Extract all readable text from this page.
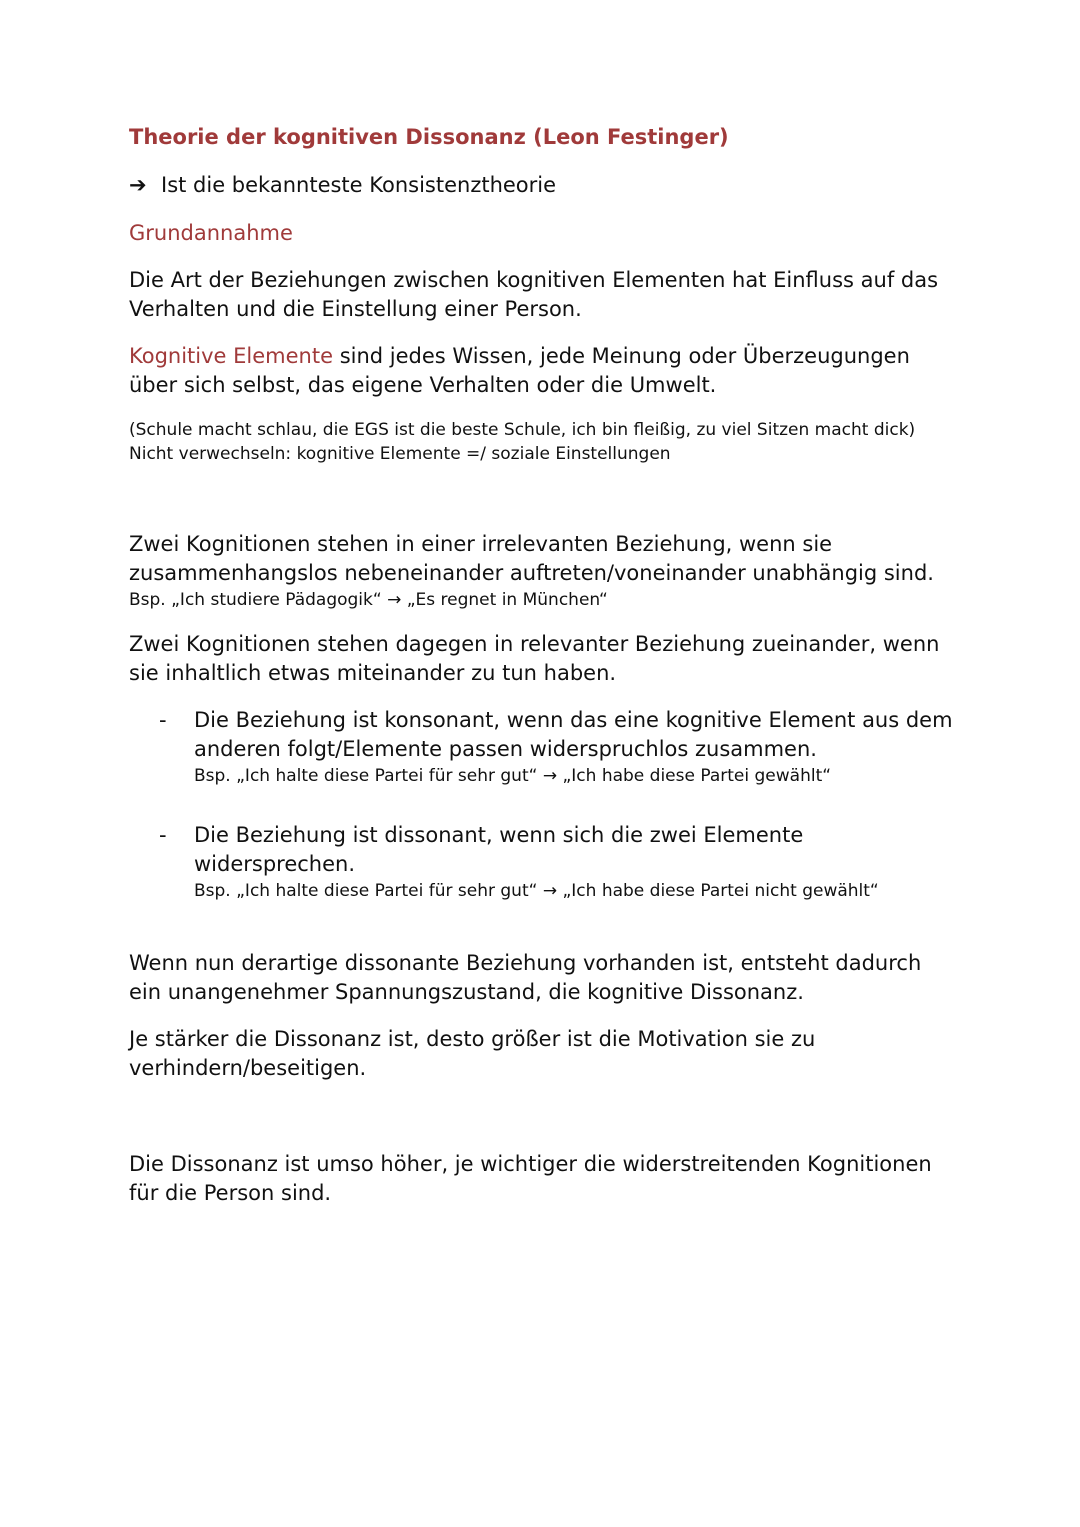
Theorie der kognitiven Dissonanz (Leon Festinger)
➔ Ist die bekannteste Konsistenztheorie
Grundannahme
Die Art der Beziehungen zwischen kognitiven Elementen hat Einfluss auf das Verhalten und die Einstellung einer Person.
Kognitive Elemente sind jedes Wissen, jede Meinung oder Überzeugungen über sich selbst, das eigene Verhalten oder die Umwelt.
(Schule macht schlau, die EGS ist die beste Schule, ich bin fleißig, zu viel Sitzen macht dick)
Nicht verwechseln: kognitive Elemente =/ soziale Einstellungen
Zwei Kognitionen stehen in einer irrelevanten Beziehung, wenn sie zusammenhangslos nebeneinander auftreten/voneinander unabhängig sind.
Bsp. „Ich studiere Pädagogik“ → „Es regnet in München“
Zwei Kognitionen stehen dagegen in relevanter Beziehung zueinander, wenn sie inhaltlich etwas miteinander zu tun haben.
- Die Beziehung ist konsonant, wenn das eine kognitive Element aus dem anderen folgt/Elemente passen widerspruchlos zusammen.
Bsp. „Ich halte diese Partei für sehr gut“ → „Ich habe diese Partei gewählt“
- Die Beziehung ist dissonant, wenn sich die zwei Elemente widersprechen.
Bsp. „Ich halte diese Partei für sehr gut“ → „Ich habe diese Partei nicht gewählt“
Wenn nun derartige dissonante Beziehung vorhanden ist, entsteht dadurch ein unangenehmer Spannungszustand, die kognitive Dissonanz.
Je stärker die Dissonanz ist, desto größer ist die Motivation sie zu verhindern/beseitigen.
Die Dissonanz ist umso höher, je wichtiger die widerstreitenden Kognitionen für die Person sind.
